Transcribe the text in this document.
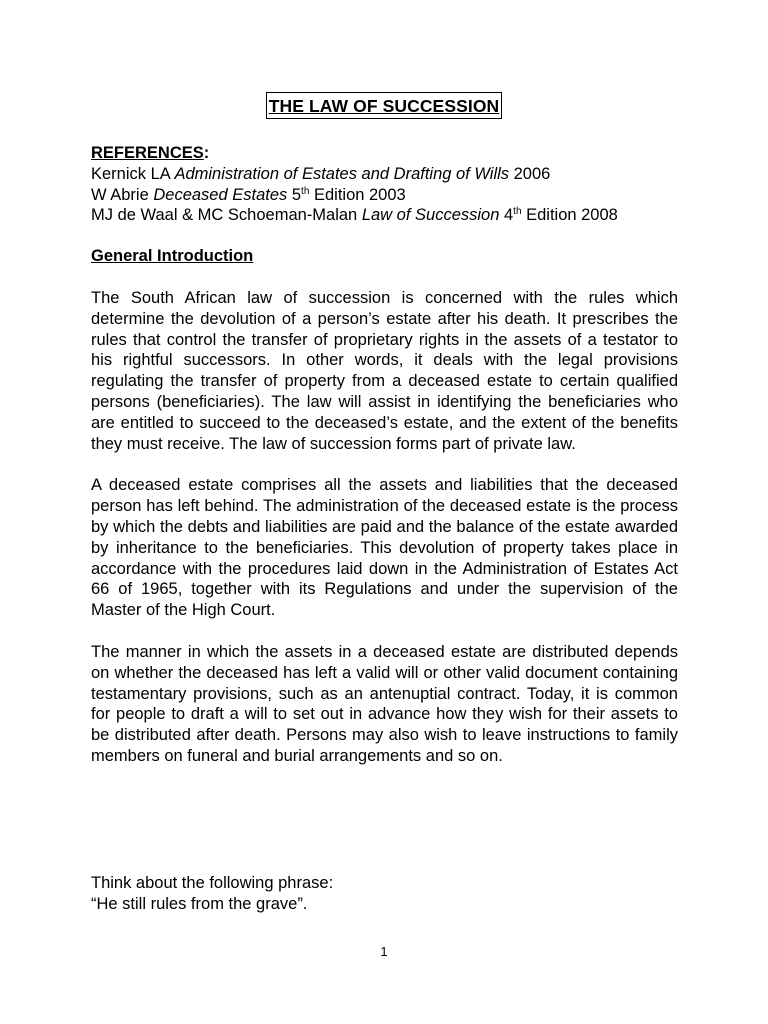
THE LAW OF SUCCESSION

REFERENCES:

Kernick LA Administration of Estates and Drafting of Wills 2006

W Abrie Deceased Estates 5th Edition 2003

MJ de Waal & MC Schoeman-Malan Law of Succession 4th Edition 2008

General Introduction

The South African law of succession is concerned with the rules which determine the devolution of a person’s estate after his death. It prescribes the rules that control the transfer of proprietary rights in the assets of a testator to his rightful successors. In other words, it deals with the legal provisions regulating the transfer of property from a deceased estate to certain qualified persons (beneficiaries). The law will assist in identifying the beneficiaries who are entitled to succeed to the deceased’s estate, and the extent of the benefits they must receive. The law of succession forms part of private law.

A deceased estate comprises all the assets and liabilities that the deceased person has left behind. The administration of the deceased estate is the process by which the debts and liabilities are paid and the balance of the estate awarded by inheritance to the beneficiaries. This devolution of property takes place in accordance with the procedures laid down in the Administration of Estates Act 66 of 1965, together with its Regulations and under the supervision of the Master of the High Court.

The manner in which the assets in a deceased estate are distributed depends on whether the deceased has left a valid will or other valid document containing testamentary provisions, such as an antenuptial contract. Today, it is common for people to draft a will to set out in advance how they wish for their assets to be distributed after death. Persons may also wish to leave instructions to family members on funeral and burial arrangements and so on.

Think about the following phrase:

“He still rules from the grave”.

1
